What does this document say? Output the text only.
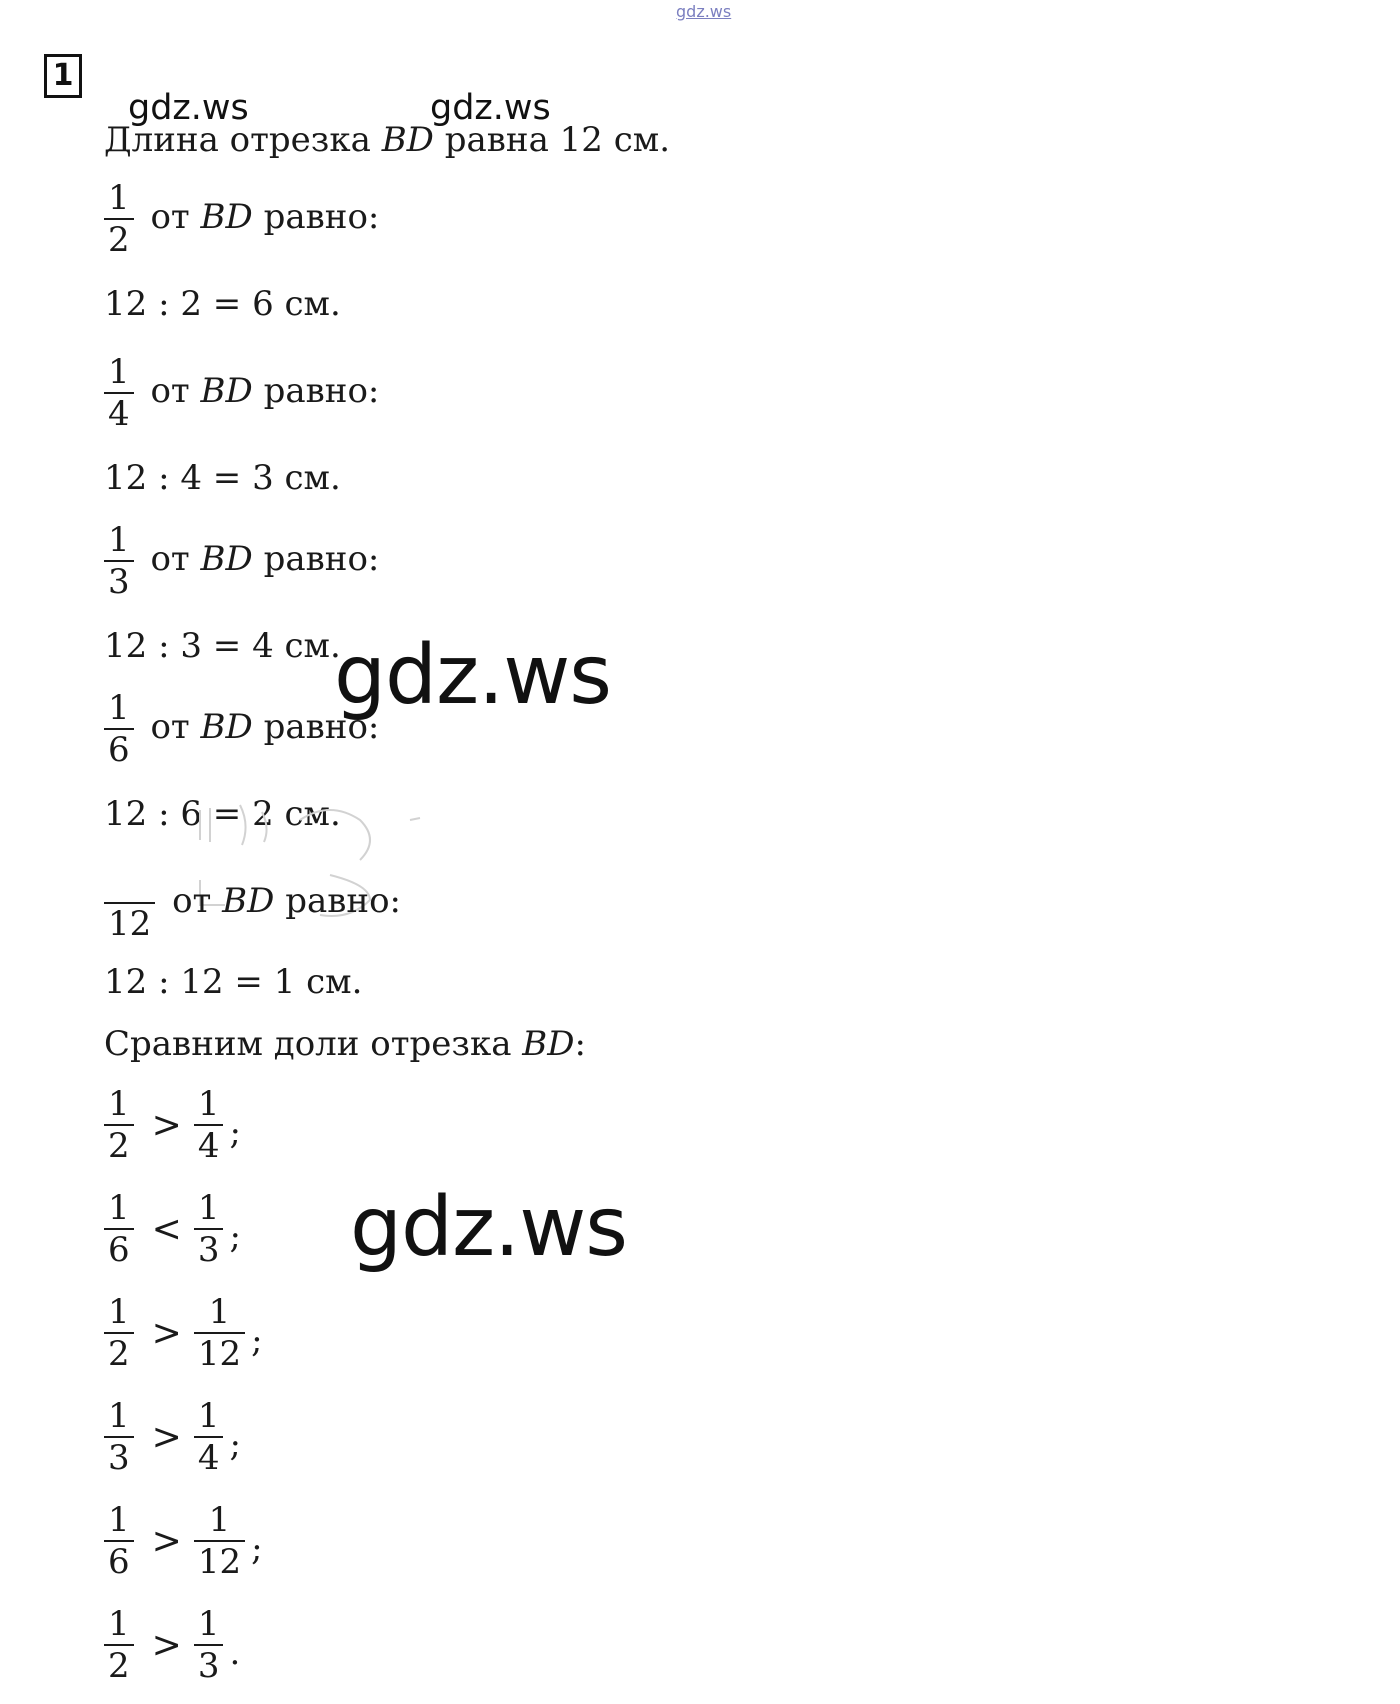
gdz.ws
1
gdz.ws	gdz.ws
Длина отрезка BD равна 12 см.
$\frac{1}{2}$ от BD равно:
12 : 2 = 6 см.
$\frac{1}{4}$ от BD равно:
12 : 4 = 3 см.
$\frac{1}{3}$ от BD равно:
12 : 3 = 4 см.
gdz.ws
$\frac{1}{6}$ от BD равно:
12 : 6 = 2 см.
12
от BD равно:
12 : 12 = 1 см.
Сравним доли отрезка BD:
$\frac{1}{2} > \frac{1}{4}$ ;
$\frac{1}{6} < \frac{1}{3}$ ; gdz.ws
$\frac{1}{2} > \frac{1}{12}$ ;
$\frac{1}{3} > \frac{1}{4}$ ;
$\frac{1}{6} > \frac{1}{12}$ ;
$\frac{1}{2} > \frac{1}{3}$ .
